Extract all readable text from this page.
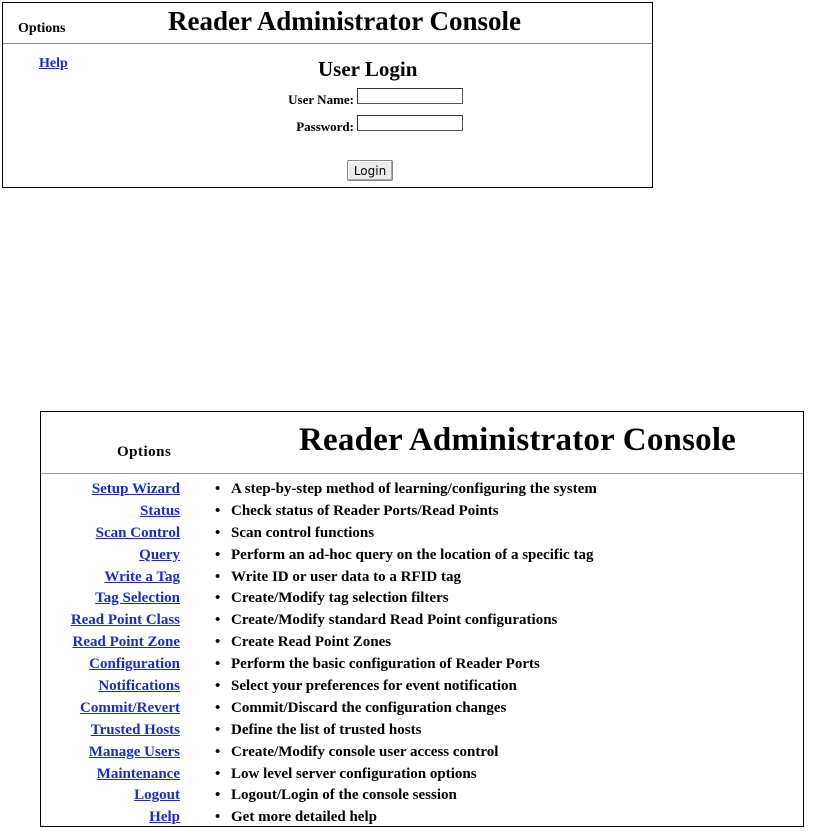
Options	Reader Administrator Console
Help	User Login
User Name:
Password:
Login
Options	Reader Administrator Console
Setup Wizard • A step-by-step method of learning/configuring the system
Status • Check status of Reader Ports/Read Points
Scan Control • Scan control functions
Query • Perform an ad-hoc query on the location of a specific tag
Write a Tag • Write ID or user data to a RFID tag
Tag Selection • Create/Modify tag selection filters
Read Point Class • Create/Modify standard Read Point configurations
Read Point Zone • Create Read Point Zones
Configuration • Perform the basic configuration of Reader Ports
Notifications • Select your preferences for event notification
Commit/Revert • Commit/Discard the configuration changes
Trusted Hosts • Define the list of trusted hosts
Manage Users • Create/Modify console user access control
Maintenance • Low level server configuration options
Logout • Logout/Login of the console session
Help • Get more detailed help
